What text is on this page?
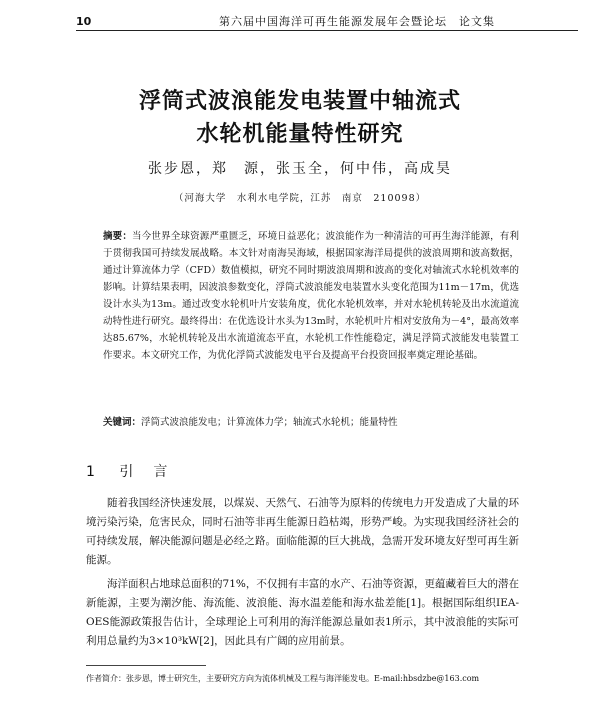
10	第六届中国海洋可再生能源发展年会暨论坛　论文集
浮筒式波浪能发电装置中轴流式
水轮机能量特性研究
张步恩，郑　源，张玉全，何中伟，高成昊
（河海大学　水利水电学院，江苏　南京　210098）
摘要：当今世界全球资源严重匮乏，环境日益恶化；波浪能作为一种清洁的可再生海洋能源，有利于贯彻我国可持续发展战略。本文针对南海吴海域，根据国家海洋局提供的波浪周期和波高数据，通过计算流体力学（CFD）数值模拟，研究不同时期波浪周期和波高的变化对轴流式水轮机效率的影响。计算结果表明，因波浪参数变化，浮筒式波浪能发电装置水头变化范围为11m－17m，优选设计水头为13m。通过改变水轮机叶片安装角度，优化水轮机效率，并对水轮机转轮及出水流道流动特性进行研究。最终得出：在优选设计水头为13m时，水轮机叶片相对安放角为－4°，最高效率达85.67%，水轮机转轮及出水流道流态平直，水轮机工作性能稳定，满足浮筒式波能发电装置工作要求。本文研究工作，为优化浮筒式波能发电平台及提高平台投资回报率奠定理论基础。
关键词：浮筒式波浪能发电；计算流体力学；轴流式水轮机；能量特性
1 引　言

随着我国经济快速发展，以煤炭、天然气、石油等为原料的传统电力开发造成了大量的环境污染污染，危害民众，同时石油等非再生能源日趋枯竭，形势严峻。为实现我国经济社会的可持续发展，解决能源问题是必经之路。面临能源的巨大挑战，急需开发环境友好型可再生新能源。

海洋面积占地球总面积的71%，不仅拥有丰富的水产、石油等资源，更蕴藏着巨大的潜在新能源，主要为潮汐能、海流能、波浪能、海水温差能和海水盐差能[1]。根据国际组织IEA-OES能源政策报告估计，全球理论上可利用的海洋能源总量如表1所示，其中波浪能的实际可利用总量约为3×10³kW[2]，因此具有广阔的应用前景。

作者简介：张步恩，博士研究生，主要研究方向为流体机械及工程与海洋能发电。E-mail:hbsdzbe@163.com
